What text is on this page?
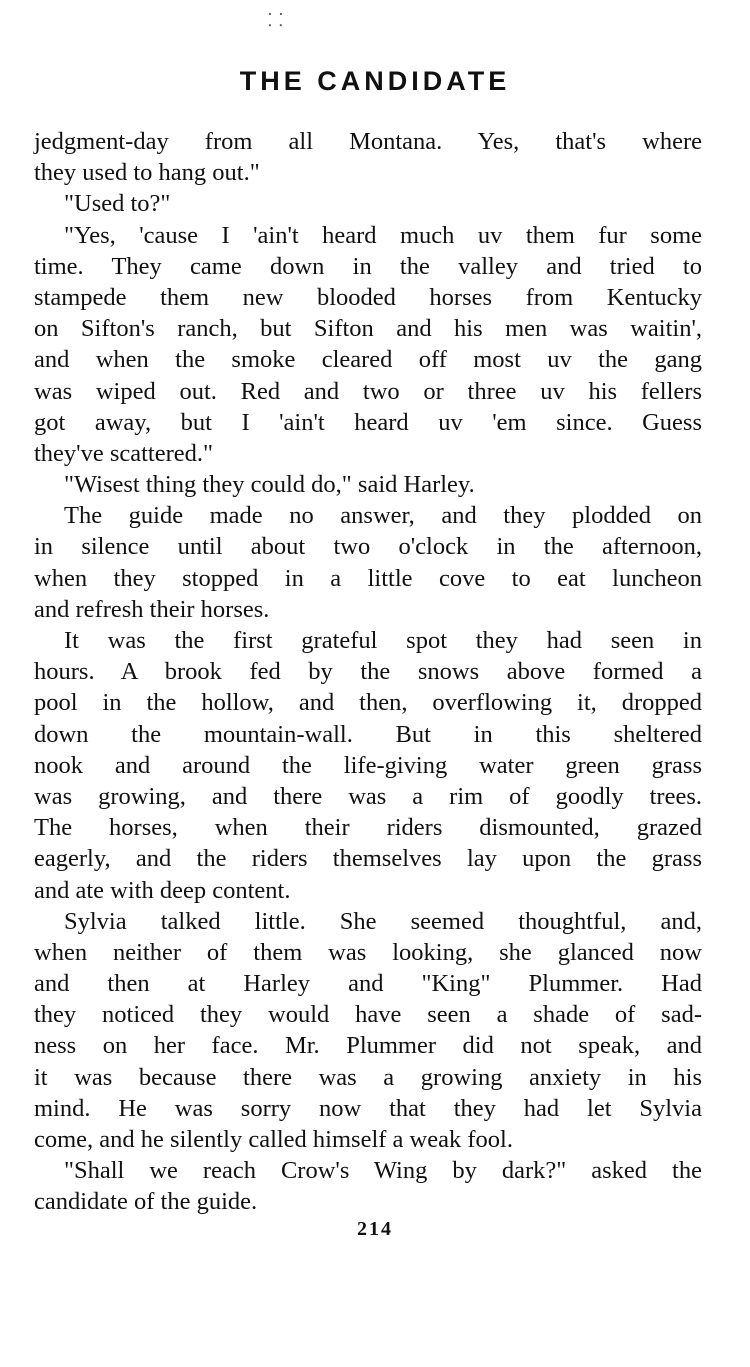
⸬
THE CANDIDATE
jedgment-day from all Montana. Yes, that's where
they used to hang out."
"Used to?"
"Yes, 'cause I 'ain't heard much uv them fur some
time. They came down in the valley and tried to
stampede them new blooded horses from Kentucky
on Sifton's ranch, but Sifton and his men was waitin',
and when the smoke cleared off most uv the gang
was wiped out. Red and two or three uv his fellers
got away, but I 'ain't heard uv 'em since. Guess
they've scattered."
"Wisest thing they could do," said Harley.
The guide made no answer, and they plodded on
in silence until about two o'clock in the afternoon,
when they stopped in a little cove to eat luncheon
and refresh their horses.
It was the first grateful spot they had seen in
hours. A brook fed by the snows above formed a
pool in the hollow, and then, overflowing it, dropped
down the mountain-wall. But in this sheltered
nook and around the life-giving water green grass
was growing, and there was a rim of goodly trees.
The horses, when their riders dismounted, grazed
eagerly, and the riders themselves lay upon the grass
and ate with deep content.
Sylvia talked little. She seemed thoughtful, and,
when neither of them was looking, she glanced now
and then at Harley and "King" Plummer. Had
they noticed they would have seen a shade of sad-
ness on her face. Mr. Plummer did not speak, and
it was because there was a growing anxiety in his
mind. He was sorry now that they had let Sylvia
come, and he silently called himself a weak fool.
"Shall we reach Crow's Wing by dark?" asked the
candidate of the guide.
214
